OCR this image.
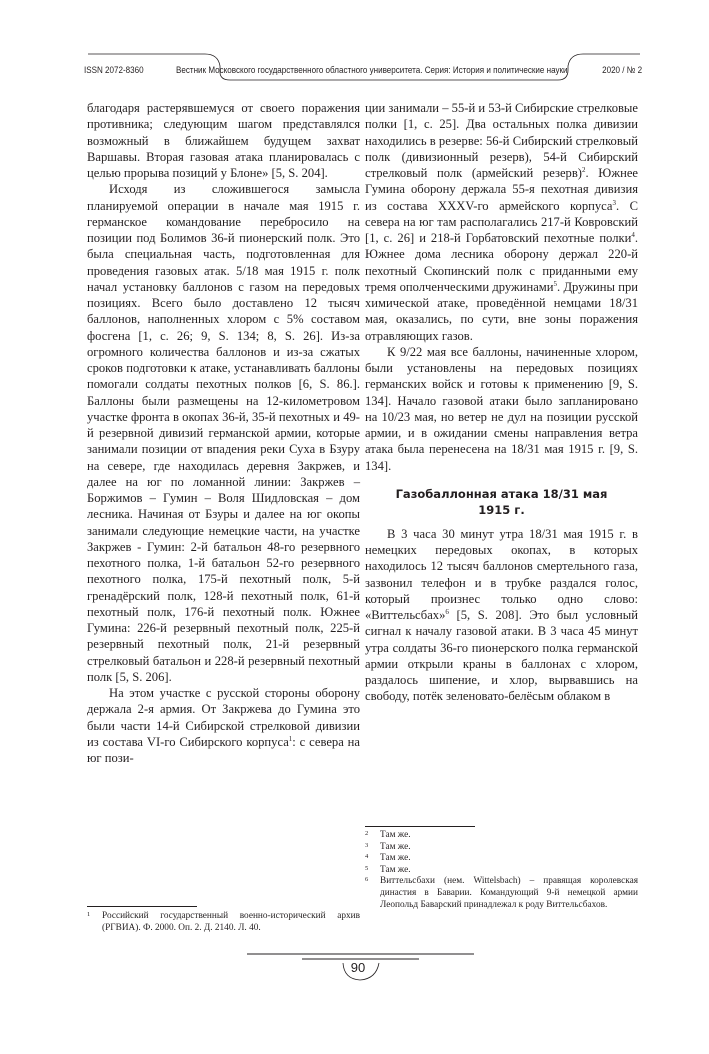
ISSN 2072-8360	Вестник Московского государственного областного университета. Серия: История и политические науки	2020 / № 2

благодаря растерявшемуся от своего поражения противника; следующим шагом представлялся возможный в ближайшем будущем захват Варшавы. Вторая газовая атака планировалась с целью прорыва позиций у Блоне» [5, S. 204].

Исходя из сложившегося замысла планируемой операции в начале мая 1915 г. германское командование перебросило на позиции под Болимов 36-й пионерский полк. Это была специальная часть, подготовленная для проведения газовых атак. 5/18 мая 1915 г. полк начал установку баллонов с газом на передовых позициях. Всего было доставлено 12 тысяч баллонов, наполненных хлором с 5% составом фосгена [1, с. 26; 9, S. 134; 8, S. 26]. Из-за огромного количества баллонов и из-за сжатых сроков подготовки к атаке, устанавливать баллоны помогали солдаты пехотных полков [6, S. 86.]. Баллоны были размещены на 12-километровом участке фронта в окопах 36-й, 35-й пехотных и 49-й резервной дивизий германской армии, которые занимали позиции от впадения реки Суха в Бзуру на севере, где находилась деревня Закржев, и далее на юг по ломанной линии: Закржев – Боржимов – Гумин – Воля Шидловская – дом лесника. Начиная от Бзуры и далее на юг окопы занимали следующие немецкие части, на участке Закржев - Гумин: 2-й батальон 48-го резервного пехотного полка, 1-й батальон 52-го резервного пехотного полка, 175-й пехотный полк, 5-й гренадёрский полк, 128-й пехотный полк, 61-й пехотный полк, 176-й пехотный полк. Южнее Гумина: 226-й резервный пехотный полк, 225-й резервный пехотный полк, 21-й резервный стрелковый батальон и 228-й резервный пехотный полк [5, S. 206].

На этом участке с русской стороны оборону держала 2-я армия. От Закржева до Гумина это были части 14-й Сибирской стрелковой дивизии из состава VI-го Сибирского корпуса$^1$: с севера на юг пози-

1 Российский государственный военно-исторический архив (РГВИА). Ф. 2000. Оп. 2. Д. 2140. Л. 40.

ции занимали – 55-й и 53-й Сибирские стрелковые полки [1, с. 25]. Два остальных полка дивизии находились в резерве: 56-й Сибирский стрелковый полк (дивизионный резерв), 54-й Сибирский стрелковый полк (армейский резерв)$^2$. Южнее Гумина оборону держала 55-я пехотная дивизия из состава XXXV-го армейского корпуса$^3$. С севера на юг там располагались 217-й Ковровский [1, с. 26] и 218-й Горбатовский пехотные полки$^4$. Южнее дома лесника оборону держал 220-й пехотный Скопинский полк с приданными ему тремя ополченческими дружинами$^5$. Дружины при химической атаке, проведённой немцами 18/31 мая, оказались, по сути, вне зоны поражения отравляющих газов.

К 9/22 мая все баллоны, начиненные хлором, были установлены на передовых позициях германских войск и готовы к применению [9, S. 134]. Начало газовой атаки было запланировано на 10/23 мая, но ветер не дул на позиции русской армии, и в ожидании смены направления ветра атака была перенесена на 18/31 мая 1915 г. [9, S. 134].

Газобаллонная атака 18/31 мая
1915 г.

В 3 часа 30 минут утра 18/31 мая 1915 г. в немецких передовых окопах, в которых находилось 12 тысяч баллонов смертельного газа, зазвонил телефон и в трубке раздался голос, который произнес только одно слово: «Виттельсбах»$^6$ [5, S. 208]. Это был условный сигнал к началу газовой атаки. В 3 часа 45 минут утра солдаты 36-го пионерского полка германской армии открыли краны в баллонах с хлором, раздалось шипение, и хлор, вырвавшись на свободу, потёк зеленовато-белёсым облаком в

2 Там же.
3 Там же.
4 Там же.
5 Там же.
6 Виттельсбахи (нем. Wittelsbach) – правящая королевская династия в Баварии. Командующий 9-й немецкой армии Леопольд Баварский принадлежал к роду Виттельсбахов.
90
